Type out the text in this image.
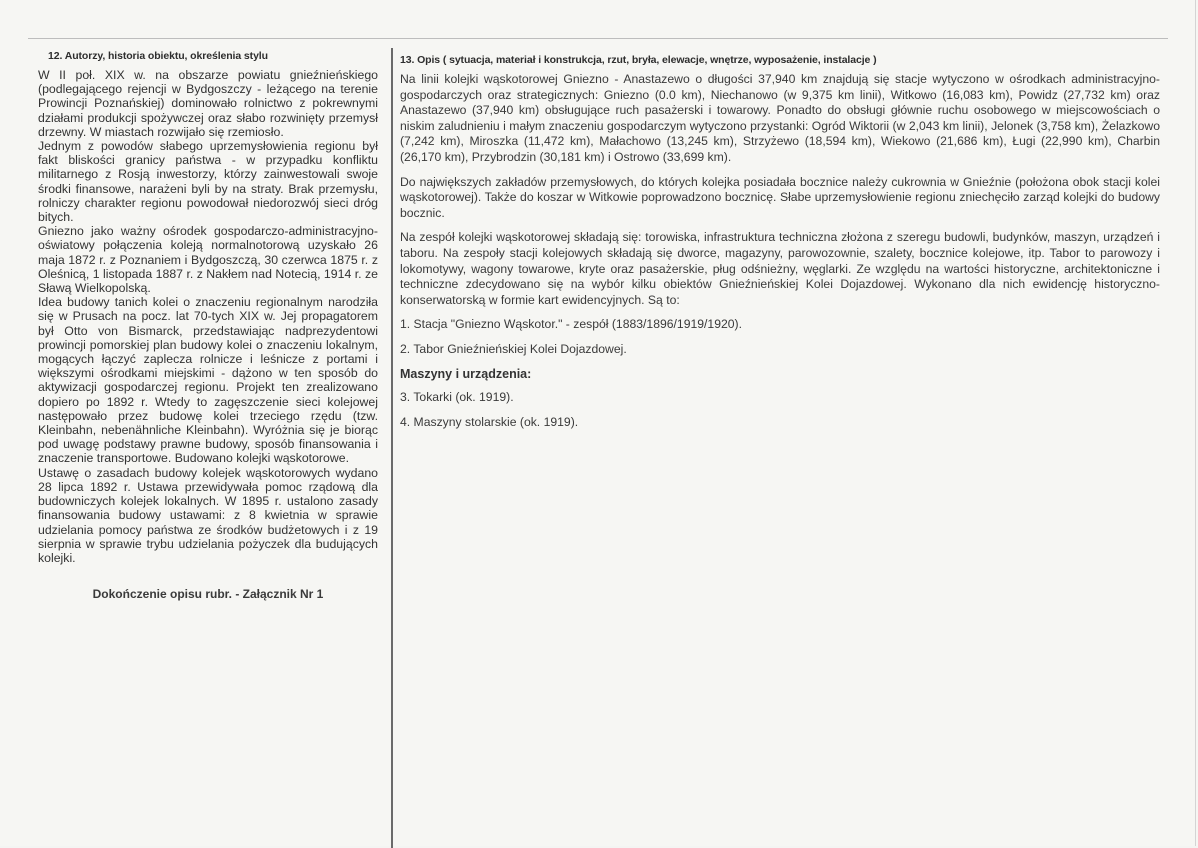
12. Autorzy, historia obiektu, określenia stylu

W II poł. XIX w. na obszarze powiatu gnieźnieńskiego (podlegającego rejencji w Bydgoszczy - leżącego na terenie Prowincji Poznańskiej) dominowało rolnictwo z pokrewnymi działami produkcji spożywczej oraz słabo rozwinięty przemysł drzewny. W miastach rozwijało się rzemiosło.

Jednym z powodów słabego uprzemysłowienia regionu był fakt bliskości granicy państwa - w przypadku konfliktu militarnego z Rosją inwestorzy, którzy zainwestowali swoje środki finansowe, narażeni byli by na straty. Brak przemysłu, rolniczy charakter regionu powodował niedorozwój sieci dróg bitych.

Gniezno jako ważny ośrodek gospodarczo-administracyjno-oświatowy połączenia koleją normalnotorową uzyskało 26 maja 1872 r. z Poznaniem i Bydgoszczą, 30 czerwca 1875 r. z Oleśnicą, 1 listopada 1887 r. z Nakłem nad Notecią, 1914 r. ze Sławą Wielkopolską.

Idea budowy tanich kolei o znaczeniu regionalnym narodziła się w Prusach na pocz. lat 70-tych XIX w. Jej propagatorem był Otto von Bismarck, przedstawiając nadprezydentowi prowincji pomorskiej plan budowy kolei o znaczeniu lokalnym, mogących łączyć zaplecza rolnicze i leśnicze z portami i większymi ośrodkami miejskimi - dążono w ten sposób do aktywizacji gospodarczej regionu. Projekt ten zrealizowano dopiero po 1892 r. Wtedy to zagęszczenie sieci kolejowej następowało przez budowę kolei trzeciego rzędu (tzw. Kleinbahn, nebenähnliche Kleinbahn). Wyróżnia się je biorąc pod uwagę podstawy prawne budowy, sposób finansowania i znaczenie transportowe. Budowano kolejki wąskotorowe.

Ustawę o zasadach budowy kolejek wąskotorowych wydano 28 lipca 1892 r. Ustawa przewidywała pomoc rządową dla budowniczych kolejek lokalnych. W 1895 r. ustalono zasady finansowania budowy ustawami: z 8 kwietnia w sprawie udzielania pomocy państwa ze środków budżetowych i z 19 sierpnia w sprawie trybu udzielania pożyczek dla budujących kolejki.

Dokończenie opisu rubr. - Załącznik Nr 1
13. Opis ( sytuacja, materiał i konstrukcja, rzut, bryła, elewacje, wnętrze, wyposażenie, instalacje )

Na linii kolejki wąskotorowej Gniezno - Anastazewo o długości 37,940 km znajdują się stacje wytyczono w ośrodkach administracyjno-gospodarczych oraz strategicznych: Gniezno (0.0 km), Niechanowo (w 9,375 km linii), Witkowo (16,083 km), Powidz (27,732 km) oraz Anastazewo (37,940 km) obsługujące ruch pasażerski i towarowy. Ponadto do obsługi głównie ruchu osobowego w miejscowościach o niskim zaludnieniu i małym znaczeniu gospodarczym wytyczono przystanki: Ogród Wiktorii (w 2,043 km linii), Jelonek (3,758 km), Żelazkowo (7,242 km), Miroszka (11,472 km), Małachowo (13,245 km), Strzyżewo (18,594 km), Wiekowo (21,686 km), Ługi (22,990 km), Charbin (26,170 km), Przybrodzin (30,181 km) i Ostrowo (33,699 km).

Do największych zakładów przemysłowych, do których kolejka posiadała bocznice należy cukrownia w Gnieźnie (położona obok stacji kolei wąskotorowej). Także do koszar w Witkowie poprowadzono bocznicę. Słabe uprzemysłowienie regionu zniechęciło zarząd kolejki do budowy bocznic.

Na zespół kolejki wąskotorowej składają się: torowiska, infrastruktura techniczna złożona z szeregu budowli, budynków, maszyn, urządzeń i taboru. Na zespoły stacji kolejowych składają się dworce, magazyny, parowozownie, szalety, bocznice kolejowe, itp. Tabor to parowozy i lokomotywy, wagony towarowe, kryte oraz pasażerskie, pług odśnieżny, węglarki. Ze względu na wartości historyczne, architektoniczne i techniczne zdecydowano się na wybór kilku obiektów Gnieźnieńskiej Kolei Dojazdowej. Wykonano dla nich ewidencję historyczno-konserwatorską w formie kart ewidencyjnych. Są to:

1. Stacja "Gniezno Wąskotor." - zespół (1883/1896/1919/1920).
2. Tabor Gnieźnieńskiej Kolei Dojazdowej.
Maszyny i urządzenia:
3. Tokarki (ok. 1919).
4. Maszyny stolarskie (ok. 1919).
